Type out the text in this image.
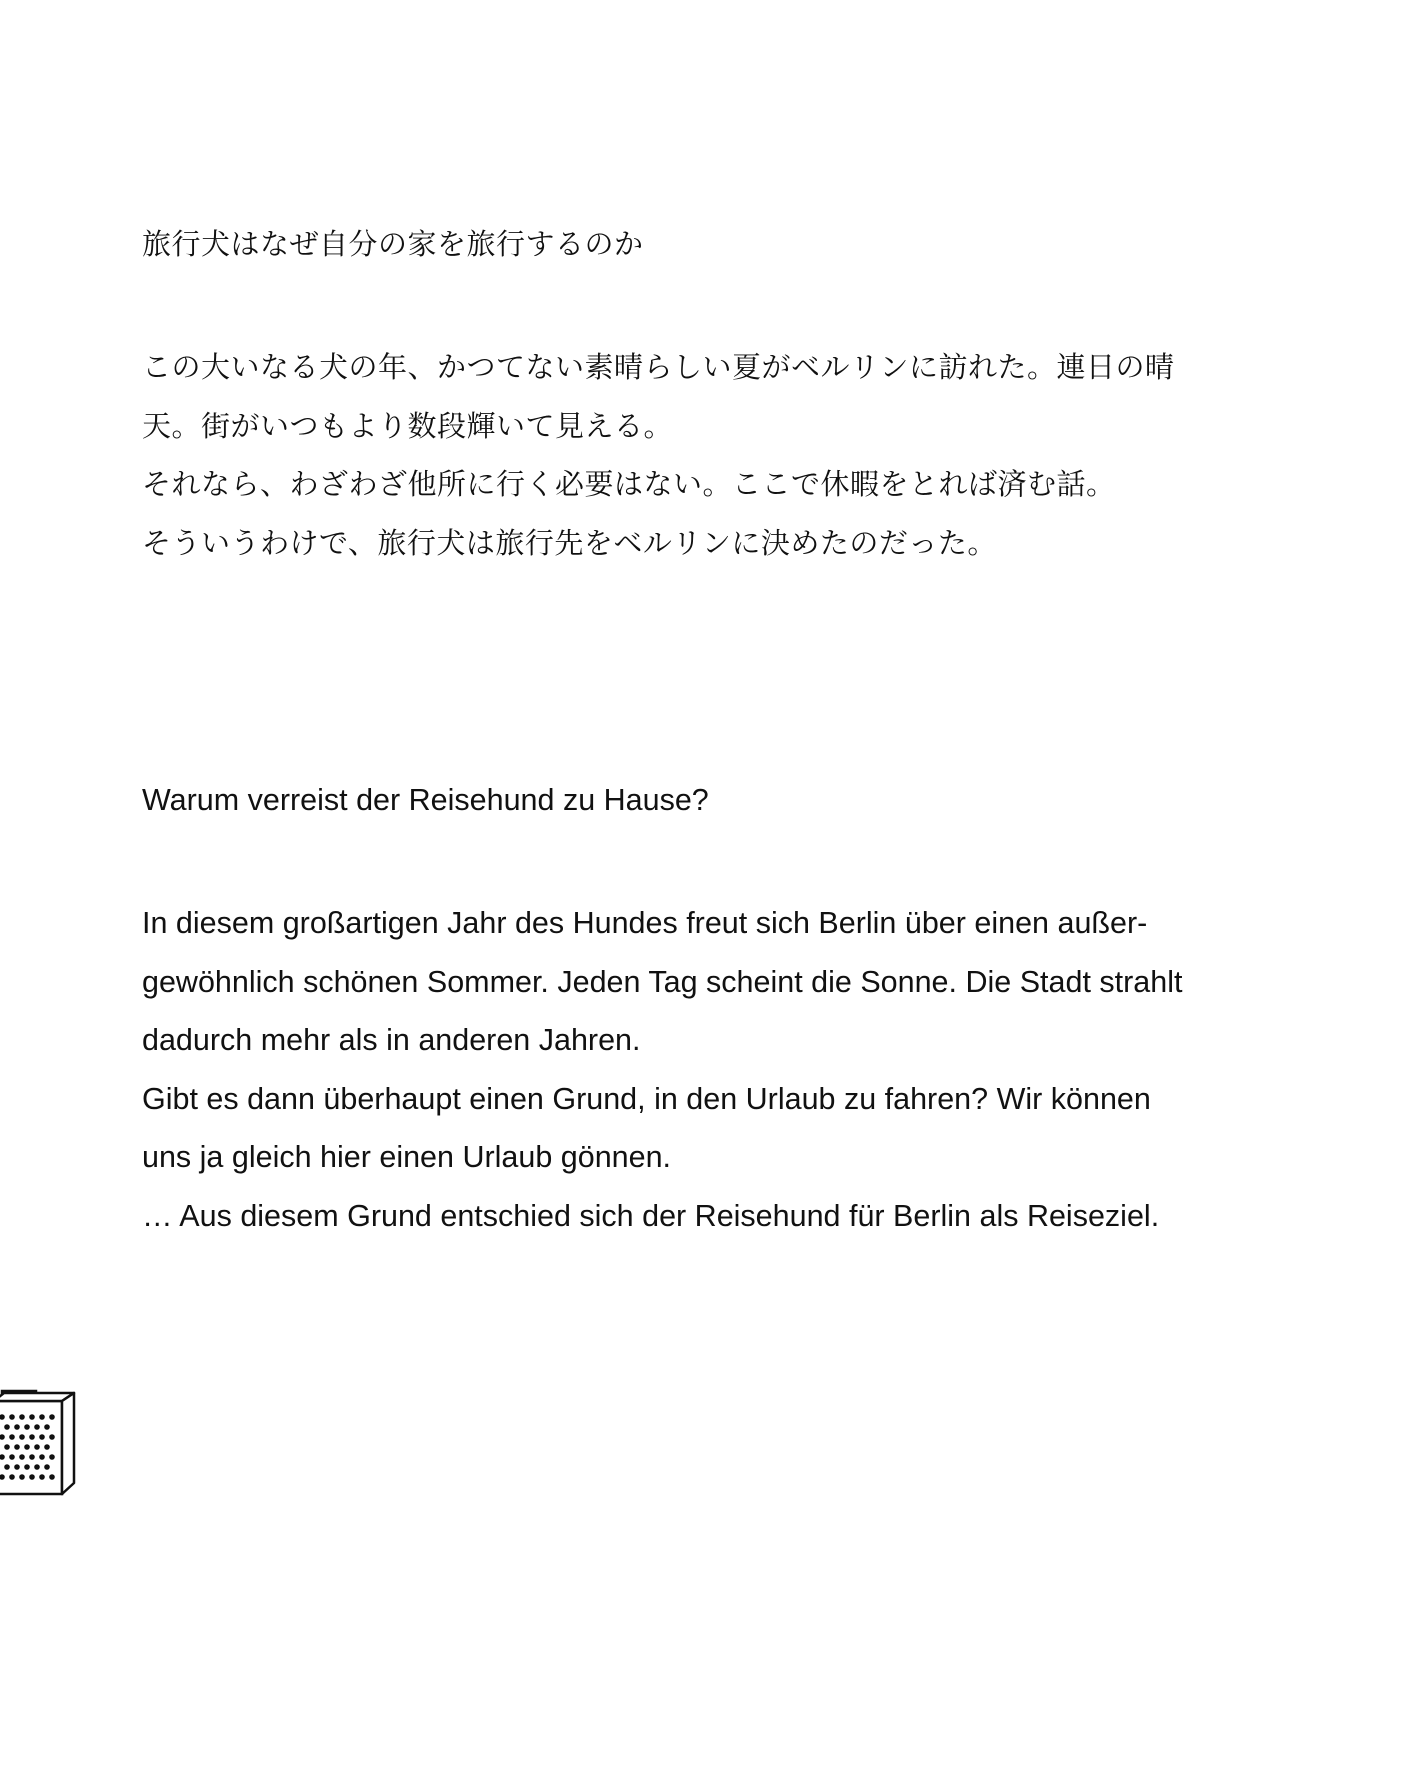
旅行犬はなぜ自分の家を旅行するのか
この大いなる犬の年、かつてない素晴らしい夏がベルリンに訪れた。連日の晴
天。街がいつもより数段輝いて見える。
それなら、わざわざ他所に行く必要はない。ここで休暇をとれば済む話。
そういうわけで、旅行犬は旅行先をベルリンに決めたのだった。
Warum verreist der Reisehund zu Hause?
In diesem großartigen Jahr des Hundes freut sich Berlin über einen außer-
gewöhnlich schönen Sommer. Jeden Tag scheint die Sonne. Die Stadt strahlt
dadurch mehr als in anderen Jahren.
Gibt es dann überhaupt einen Grund, in den Urlaub zu fahren? Wir können
uns ja gleich hier einen Urlaub gönnen.
… Aus diesem Grund entschied sich der Reisehund für Berlin als Reiseziel.
